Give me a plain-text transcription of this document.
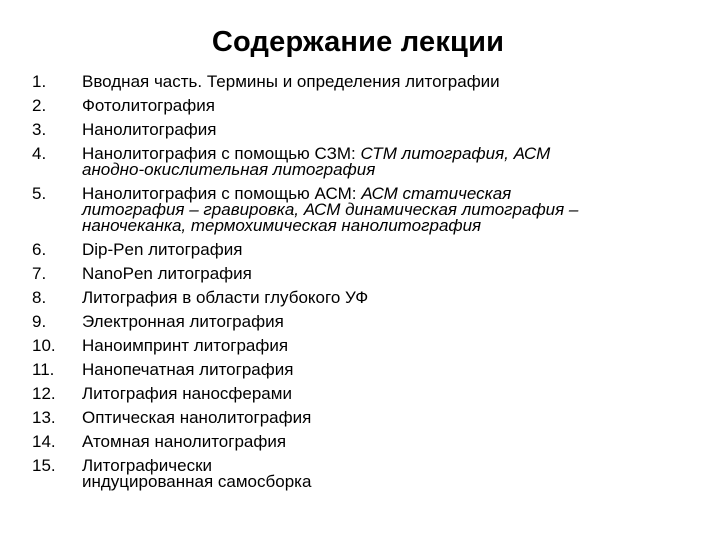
Содержание лекции
1.	Вводная часть. Термины и определения литографии
2.	Фотолитография
3.	Нанолитография
4.	Нанолитография с помощью СЗМ: СТМ литография, АСМ
анодно-окислительная литография
5.	Нанолитография с помощью АСМ: АСМ статическая
литография – гравировка, АСМ динамическая литография –
наночеканка, термохимическая нанолитография
6.	Dip-Pen литография
7.	NanoPen литография
8.	Литография в области глубокого УФ
9.	Электронная литография
10.	Наноимпринт литография
11.	Нанопечатная литография
12.	Литография наносферами
13.	Оптическая нанолитография
14.	Атомная нанолитография
15.	Литографически
индуцированная самосборка
